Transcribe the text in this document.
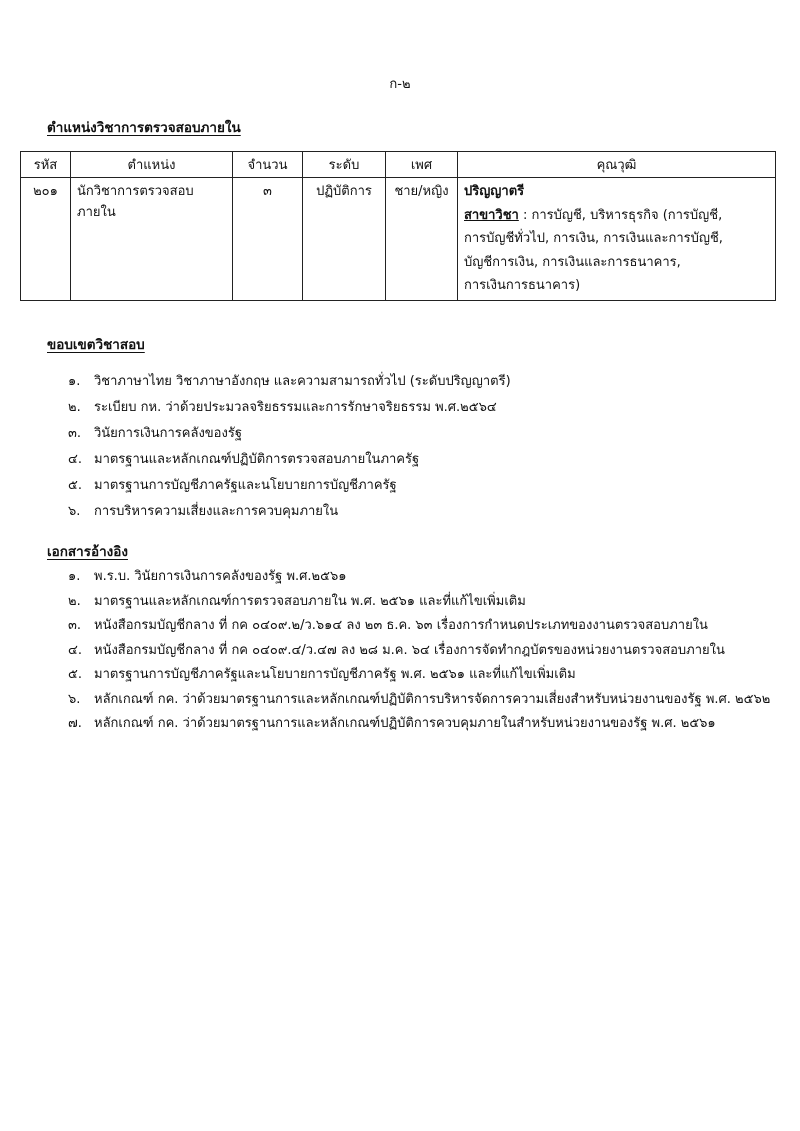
ก-๒
ตำแหน่งวิชาการตรวจสอบภายใน
รหัส	ตำแหน่ง	จำนวน	ระดับ	เพศ	คุณวุฒิ
๒๐๑	นักวิชาการตรวจสอบภายใน	๓	ปฏิบัติการ	ชาย/หญิง	ปริญญาตรี
สาขาวิชา : การบัญชี, บริหารธุรกิจ (การบัญชี,
การบัญชีทั่วไป, การเงิน, การเงินและการบัญชี,
บัญชีการเงิน, การเงินและการธนาคาร,
การเงินการธนาคาร)
ขอบเขตวิชาสอบ
๑.	วิชาภาษาไทย วิชาภาษาอังกฤษ และความสามารถทั่วไป (ระดับปริญญาตรี)
๒.	ระเบียบ กห. ว่าด้วยประมวลจริยธรรมและการรักษาจริยธรรม พ.ศ.๒๕๖๔
๓. วินัยการเงินการคลังของรัฐ
๔. มาตรฐานและหลักเกณฑ์ปฏิบัติการตรวจสอบภายในภาครัฐ
๕. มาตรฐานการบัญชีภาครัฐและนโยบายการบัญชีภาครัฐ
๖.	การบริหารความเสี่ยงและการควบคุมภายใน
เอกสารอ้างอิง
๑.	พ.ร.บ. วินัยการเงินการคลังของรัฐ พ.ศ.๒๕๖๑
๒.	มาตรฐานและหลักเกณฑ์การตรวจสอบภายใน พ.ศ. ๒๕๖๑ และที่แก้ไขเพิ่มเติม
๓. หนังสือกรมบัญชีกลาง ที่ กค ๐๔๐๙.๒/ว.๖๑๔ ลง ๒๓ ธ.ค. ๖๓ เรื่องการกำหนดประเภทของงานตรวจสอบภายใน
๔. หนังสือกรมบัญชีกลาง ที่ กค ๐๔๐๙.๔/ว.๔๗ ลง ๒๘ ม.ค. ๖๔ เรื่องการจัดทำกฎบัตรของหน่วยงานตรวจสอบภายใน
๕. มาตรฐานการบัญชีภาครัฐและนโยบายการบัญชีภาครัฐ พ.ศ. ๒๕๖๑ และที่แก้ไขเพิ่มเติม
๖.	หลักเกณฑ์ กค. ว่าด้วยมาตรฐานการและหลักเกณฑ์ปฏิบัติการบริหารจัดการความเสี่ยงสำหรับหน่วยงานของรัฐ พ.ศ. ๒๕๖๒
๗. หลักเกณฑ์ กค. ว่าด้วยมาตรฐานการและหลักเกณฑ์ปฏิบัติการควบคุมภายในสำหรับหน่วยงานของรัฐ พ.ศ. ๒๕๖๑
